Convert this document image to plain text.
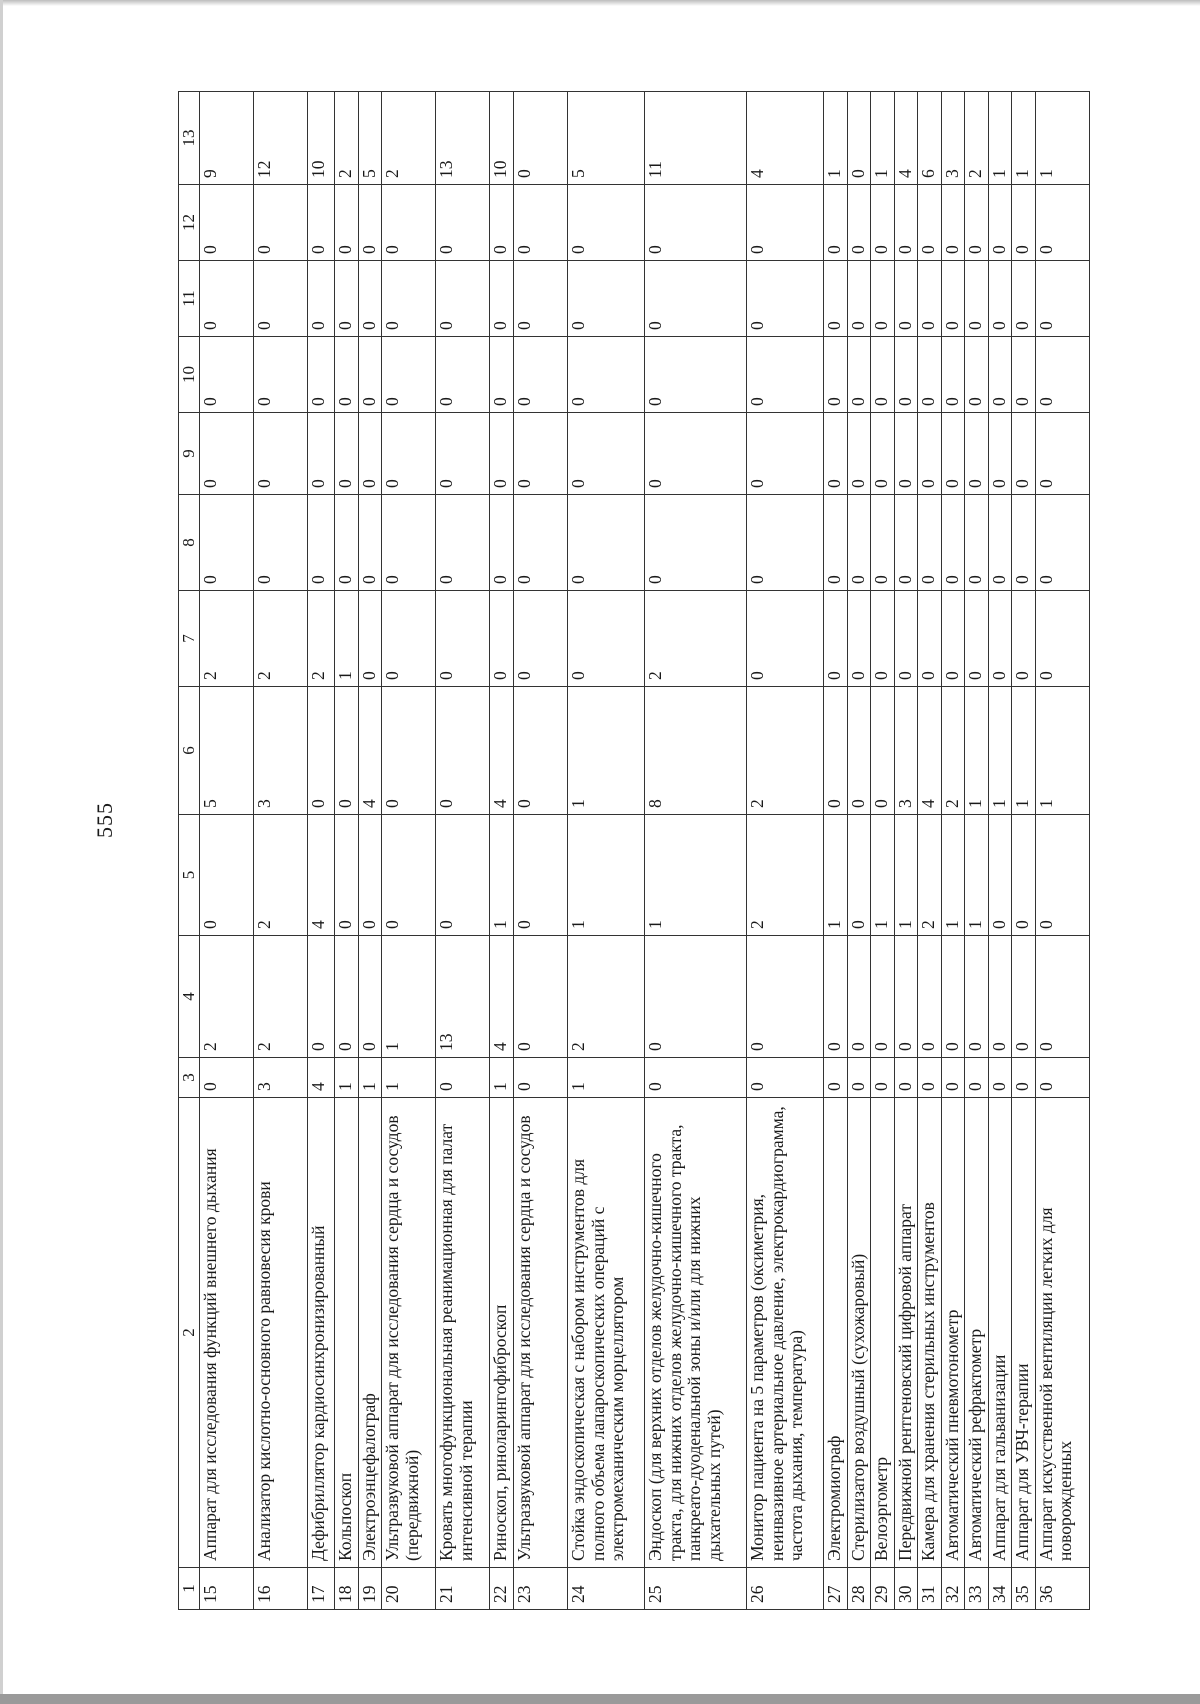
555
1	2	3	4	5	6	7	8	9	10	11	12	13
15	Аппарат для исследования функций внешнего дыхания	0	2	0	5	2	0	0	0	0	0	9
16	Анализатор кислотно-основного равновесия крови	3	2	2	3	2	0	0	0	0	0	12
17	Дефибриллятор кардиосинхронизированный	4	0	4	0	2	0	0	0	0	0	10
18	Кольпоскоп	1	0	0	0	1	0	0	0	0	0	2
19	Электроэнцефалограф	1	0	0	4	0	0	0	0	0	0	5
20	Ультразвуковой аппарат для исследования сердца и сосудов (передвижной)	1	1	0	0	0	0	0	0	0	0	2
21	Кровать многофункциональная реанимационная для палат интенсивной терапии	0	13	0	0	0	0	0	0	0	0	13
22	Риноскоп, риноларингофиброскоп	1	4	1	4	0	0	0	0	0	0	10
23	Ультразвуковой аппарат для исследования сердца и сосудов	0	0	0	0	0	0	0	0	0	0	0
24	Стойка эндоскопическая с набором инструментов для полного объема лапароскопических операций с электромеханическим морцеллятором	1	2	1	1	0	0	0	0	0	0	5
25	Эндоскоп (для верхних отделов желудочно-кишечного тракта, для нижних отделов желудочно-кишечного тракта, панкреато-дуоденальной зоны и/или для нижних дыхательных путей)	0	0	1	8	2	0	0	0	0	0	11
26	Монитор пациента на 5 параметров (оксиметрия, неинвазивное артериальное давление, электрокардиограмма, частота дыхания, температура)	0	0	2	2	0	0	0	0	0	0	4
27	Электромиограф	0	0	1	0	0	0	0	0	0	0	1
28	Стерилизатор воздушный (сухожаровый)	0	0	0	0	0	0	0	0	0	0	0
29	Велоэргометр	0	0	1	0	0	0	0	0	0	0	1
30	Передвижной рентгеновский цифровой аппарат	0	0	1	3	0	0	0	0	0	0	4
31	Камера для хранения стерильных инструментов	0	0	2	4	0	0	0	0	0	0	6
32	Автоматический пневмотонометр	0	0	1	2	0	0	0	0	0	0	3
33	Автоматический рефрактометр	0	0	1	1	0	0	0	0	0	0	2
34	Аппарат для гальванизации	0	0	0	1	0	0	0	0	0	0	1
35	Аппарат для УВЧ-терапии	0	0	0	1	0	0	0	0	0	0	1
36	Аппарат искусственной вентиляции легких для новорожденных	0	0	0	1	0	0	0	0	0	0	1
